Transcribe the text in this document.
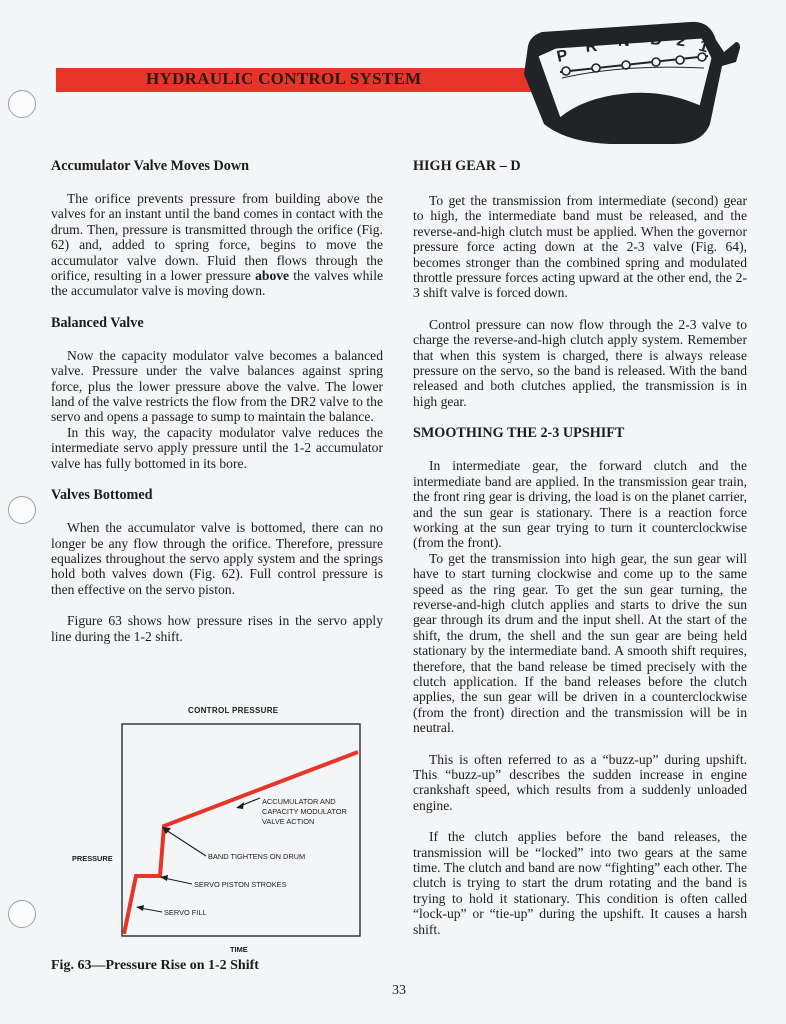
HYDRAULIC CONTROL SYSTEM
P
R N D 2 1
Accumulator Valve Moves Down

The orifice prevents pressure from building above the valves for an instant until the band comes in contact with the drum. Then, pressure is transmitted through the orifice (Fig. 62) and, added to spring force, begins to move the accumulator valve down. Fluid then flows through the orifice, resulting in a lower pressure above the valves while the accumulator valve is moving down.

Balanced Valve

Now the capacity modulator valve becomes a balanced valve. Pressure under the valve balances against spring force, plus the lower pressure above the valve. The lower land of the valve restricts the flow from the DR2 valve to the servo and opens a passage to sump to maintain the balance.

In this way, the capacity modulator valve reduces the intermediate servo apply pressure until the 1-2 accumulator valve has fully bottomed in its bore.

Valves Bottomed

When the accumulator valve is bottomed, there can no longer be any flow through the orifice. Therefore, pressure equalizes throughout the servo apply system and the springs hold both valves down (Fig. 62). Full control pressure is then effective on the servo piston.

Figure 63 shows how pressure rises in the servo apply line during the 1-2 shift.

CONTROL PRESSURE
ACCUMULATOR AND
CAPACITY MODULATOR
VALVE ACTION
BAND TIGHTENS ON DRUM
SERVO PISTON STROKES
SERVO FILL
PRESSURE
TIME
Fig. 63—Pressure Rise on 1-2 Shift
HIGH GEAR – D

To get the transmission from intermediate (second) gear to high, the intermediate band must be released, and the reverse-and-high clutch must be applied. When the governor pressure force acting down at the 2-3 valve (Fig. 64), becomes stronger than the combined spring and modulated throttle pressure forces acting upward at the other end, the 2-3 shift valve is forced down.

Control pressure can now flow through the 2-3 valve to charge the reverse-and-high clutch apply system. Remember that when this system is charged, there is always release pressure on the servo, so the band is released. With the band released and both clutches applied, the transmission is in high gear.

SMOOTHING THE 2-3 UPSHIFT

In intermediate gear, the forward clutch and the intermediate band are applied. In the transmission gear train, the front ring gear is driving, the load is on the planet carrier, and the sun gear is stationary. There is a reaction force working at the sun gear trying to turn it counterclockwise (from the front).

To get the transmission into high gear, the sun gear will have to start turning clockwise and come up to the same speed as the ring gear. To get the sun gear turning, the reverse-and-high clutch applies and starts to drive the sun gear through its drum and the input shell. At the start of the shift, the drum, the shell and the sun gear are being held stationary by the intermediate band. A smooth shift requires, therefore, that the band release be timed precisely with the clutch application. If the band releases before the clutch applies, the sun gear will be driven in a counterclockwise (from the front) direction and the transmission will be in neutral.

This is often referred to as a “buzz-up” during upshift. This “buzz-up” describes the sudden increase in engine crankshaft speed, which results from a suddenly unloaded engine.

If the clutch applies before the band releases, the transmission will be “locked” into two gears at the same time. The clutch and band are now “fighting” each other. The clutch is trying to start the drum rotating and the band is trying to hold it stationary. This condition is often called “lock-up” or “tie-up” during the upshift. It causes a harsh shift.

33
